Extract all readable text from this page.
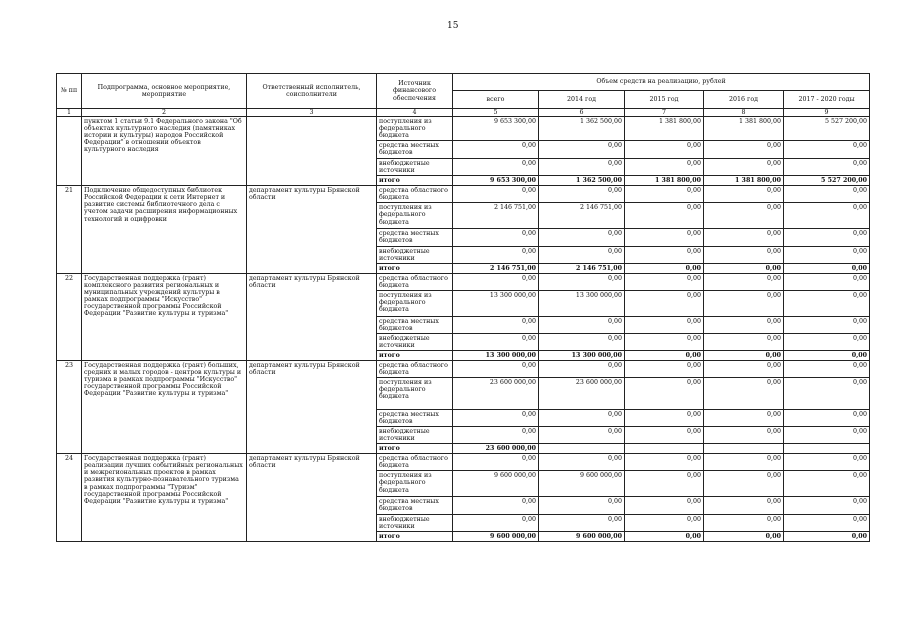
15
№ пп	Подпрограмма, основное мероприятие, мероприятие	Ответственный исполнитель, соисполнители	Источник финансового обеспечения	Объем средств на реализацию, рублей				
				всего	2014 год	2015 год	2016 год	2017 - 2020 годы
1	2	3	4	5	6	7	8	9
	пунктом 1 статьи 9.1 Федерального закона "Об объектах культурного наследия (памятниках истории и культуры) народов Российской Федерации" в отношении объектов культурного наследия		поступления из федерального бюджета	9 653 300,00	1 362 500,00	1 381 800,00	1 381 800,00	5 527 200,00
			средства местных бюджетов	0,00	0,00	0,00	0,00	0,00
			внебюджетные источники	0,00	0,00	0,00	0,00	0,00
			итого	9 653 300,00	1 362 500,00	1 381 800,00	1 381 800,00	5 527 200,00
21	Подключение общедоступных библиотек Российской Федерации к сети Интернет и развитие системы библиотечного дела с учетом задачи расширения информационных технологий и оцифровки	департамент культуры Брянской области	средства областного бюджета	0,00	0,00	0,00	0,00	0,00
			поступления из федерального бюджета	2 146 751,00	2 146 751,00	0,00	0,00	0,00
			средства местных бюджетов	0,00	0,00	0,00	0,00	0,00
			внебюджетные источники	0,00	0,00	0,00	0,00	0,00
			итого	2 146 751,00	2 146 751,00	0,00	0,00	0,00
22	Государственная поддержка (грант) комплексного развития региональных и муниципальных учреждений культуры в рамках подпрограммы "Искусство" государственной программы Российской Федерации "Развитие культуры и туризма"	департамент культуры Брянской области	средства областного бюджета	0,00	0,00	0,00	0,00	0,00
			поступления из федерального бюджета	13 300 000,00	13 300 000,00	0,00	0,00	0,00
			средства местных бюджетов	0,00	0,00	0,00	0,00	0,00
			внебюджетные источники	0,00	0,00	0,00	0,00	0,00
			итого	13 300 000,00	13 300 000,00	0,00	0,00	0,00
23	Государственная поддержка (грант) больших, средних и малых городов - центров культуры и туризма в рамках подпрограммы "Искусство" государственной программы Российской Федерации "Развитие культуры и туризма"	департамент культуры Брянской области	средства областного бюджета	0,00	0,00	0,00	0,00	0,00
			поступления из федерального бюджета	23 600 000,00	23 600 000,00	0,00	0,00	0,00
			средства местных бюджетов	0,00	0,00	0,00	0,00	0,00
			внебюджетные источники	0,00	0,00	0,00	0,00	0,00
			итого	23 600 000,00				
24	Государственная поддержка (грант) реализации лучших событийных региональных и межрегиональных проектов в рамках развития культурно-познавательного туризма в рамках подпрограммы "Туризм" государственной программы Российской Федерации "Развитие культуры и туризма"	департамент культуры Брянской области	средства областного бюджета	0,00	0,00	0,00	0,00	0,00
			поступления из федерального бюджета	9 600 000,00	9 600 000,00	0,00	0,00	0,00
			средства местных бюджетов	0,00	0,00	0,00	0,00	0,00
			внебюджетные источники	0,00	0,00	0,00	0,00	0,00
			итого	9 600 000,00	9 600 000,00	0,00	0,00	0,00
